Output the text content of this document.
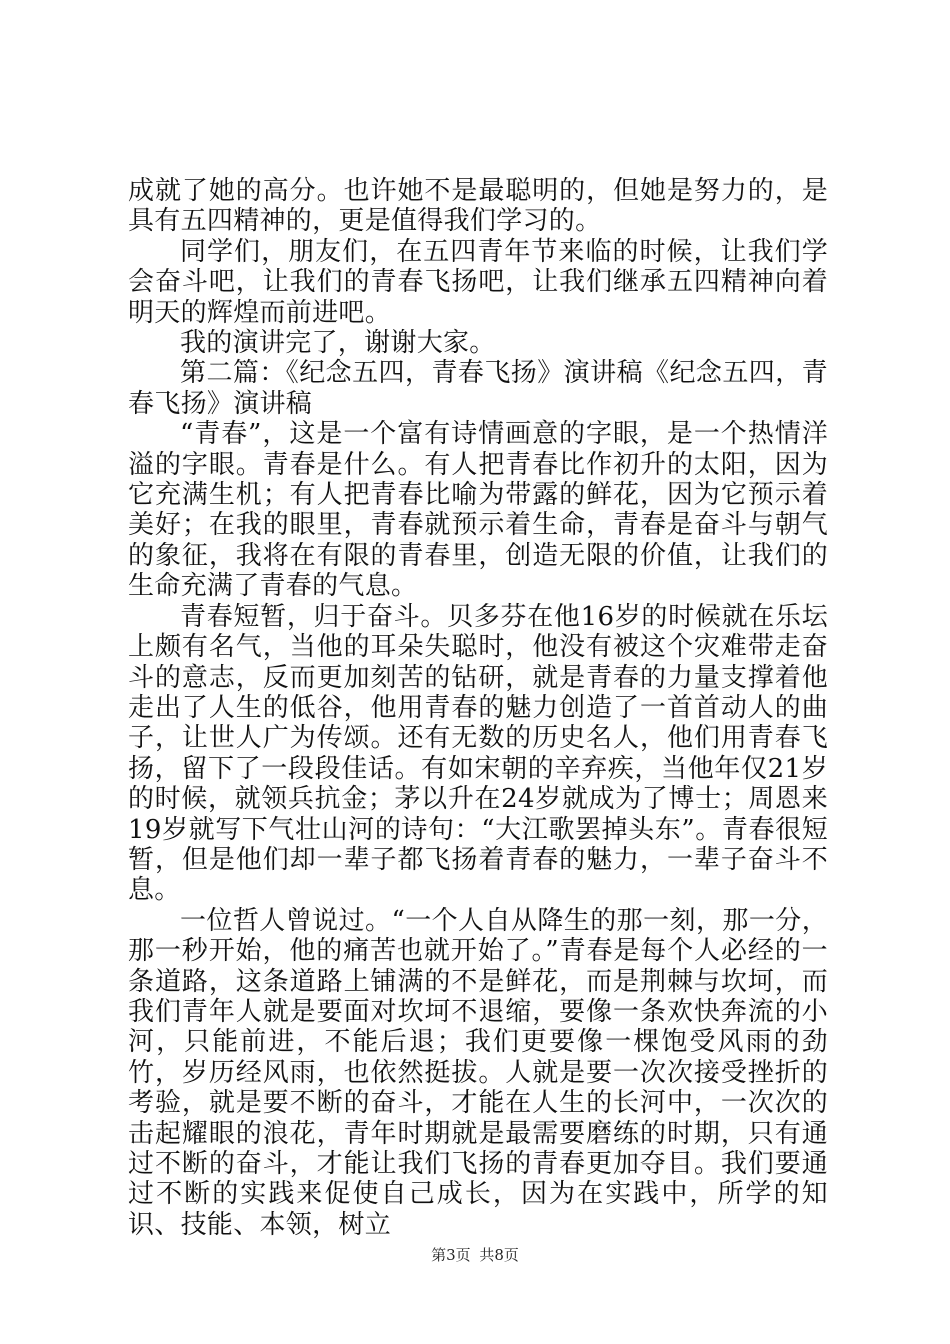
成就了她的高分。也许她不是最聪明的，但她是努力的，是具有五四精神的，更是值得我们学习的。

同学们，朋友们，在五四青年节来临的时候，让我们学会奋斗吧，让我们的青春飞扬吧，让我们继承五四精神向着明天的辉煌而前进吧。

我的演讲完了，谢谢大家。

第二篇：《纪念五四，青春飞扬》演讲稿《纪念五四，青春飞扬》演讲稿

“青春”，这是一个富有诗情画意的字眼，是一个热情洋溢的字眼。青春是什么。有人把青春比作初升的太阳，因为它充满生机；有人把青春比喻为带露的鲜花，因为它预示着美好；在我的眼里，青春就预示着生命，青春是奋斗与朝气的象征，我将在有限的青春里，创造无限的价值，让我们的生命充满了青春的气息。

青春短暂，归于奋斗。贝多芬在他16岁的时候就在乐坛上颇有名气，当他的耳朵失聪时，他没有被这个灾难带走奋斗的意志，反而更加刻苦的钻研，就是青春的力量支撑着他走出了人生的低谷，他用青春的魅力创造了一首首动人的曲子，让世人广为传颂。还有无数的历史名人，他们用青春飞扬，留下了一段段佳话。有如宋朝的辛弃疾，当他年仅21岁的时候，就领兵抗金；茅以升在24岁就成为了博士；周恩来19岁就写下气壮山河的诗句：“大江歌罢掉头东”。青春很短暂，但是他们却一辈子都飞扬着青春的魅力，一辈子奋斗不息。

一位哲人曾说过。“一个人自从降生的那一刻，那一分，那一秒开始，他的痛苦也就开始了。”青春是每个人必经的一条道路，这条道路上铺满的不是鲜花，而是荆棘与坎坷，而我们青年人就是要面对坎坷不退缩，要像一条欢快奔流的小河，只能前进，不能后退；我们更要像一棵饱受风雨的劲竹，岁历经风雨，也依然挺拔。人就是要一次次接受挫折的考验，就是要不断的奋斗，才能在人生的长河中，一次次的击起耀眼的浪花，青年时期就是最需要磨练的时期，只有通过不断的奋斗，才能让我们飞扬的青春更加夺目。我们要通过不断的实践来促使自己成长，因为在实践中，所学的知识、技能、本领，树立

第3页 共8页
